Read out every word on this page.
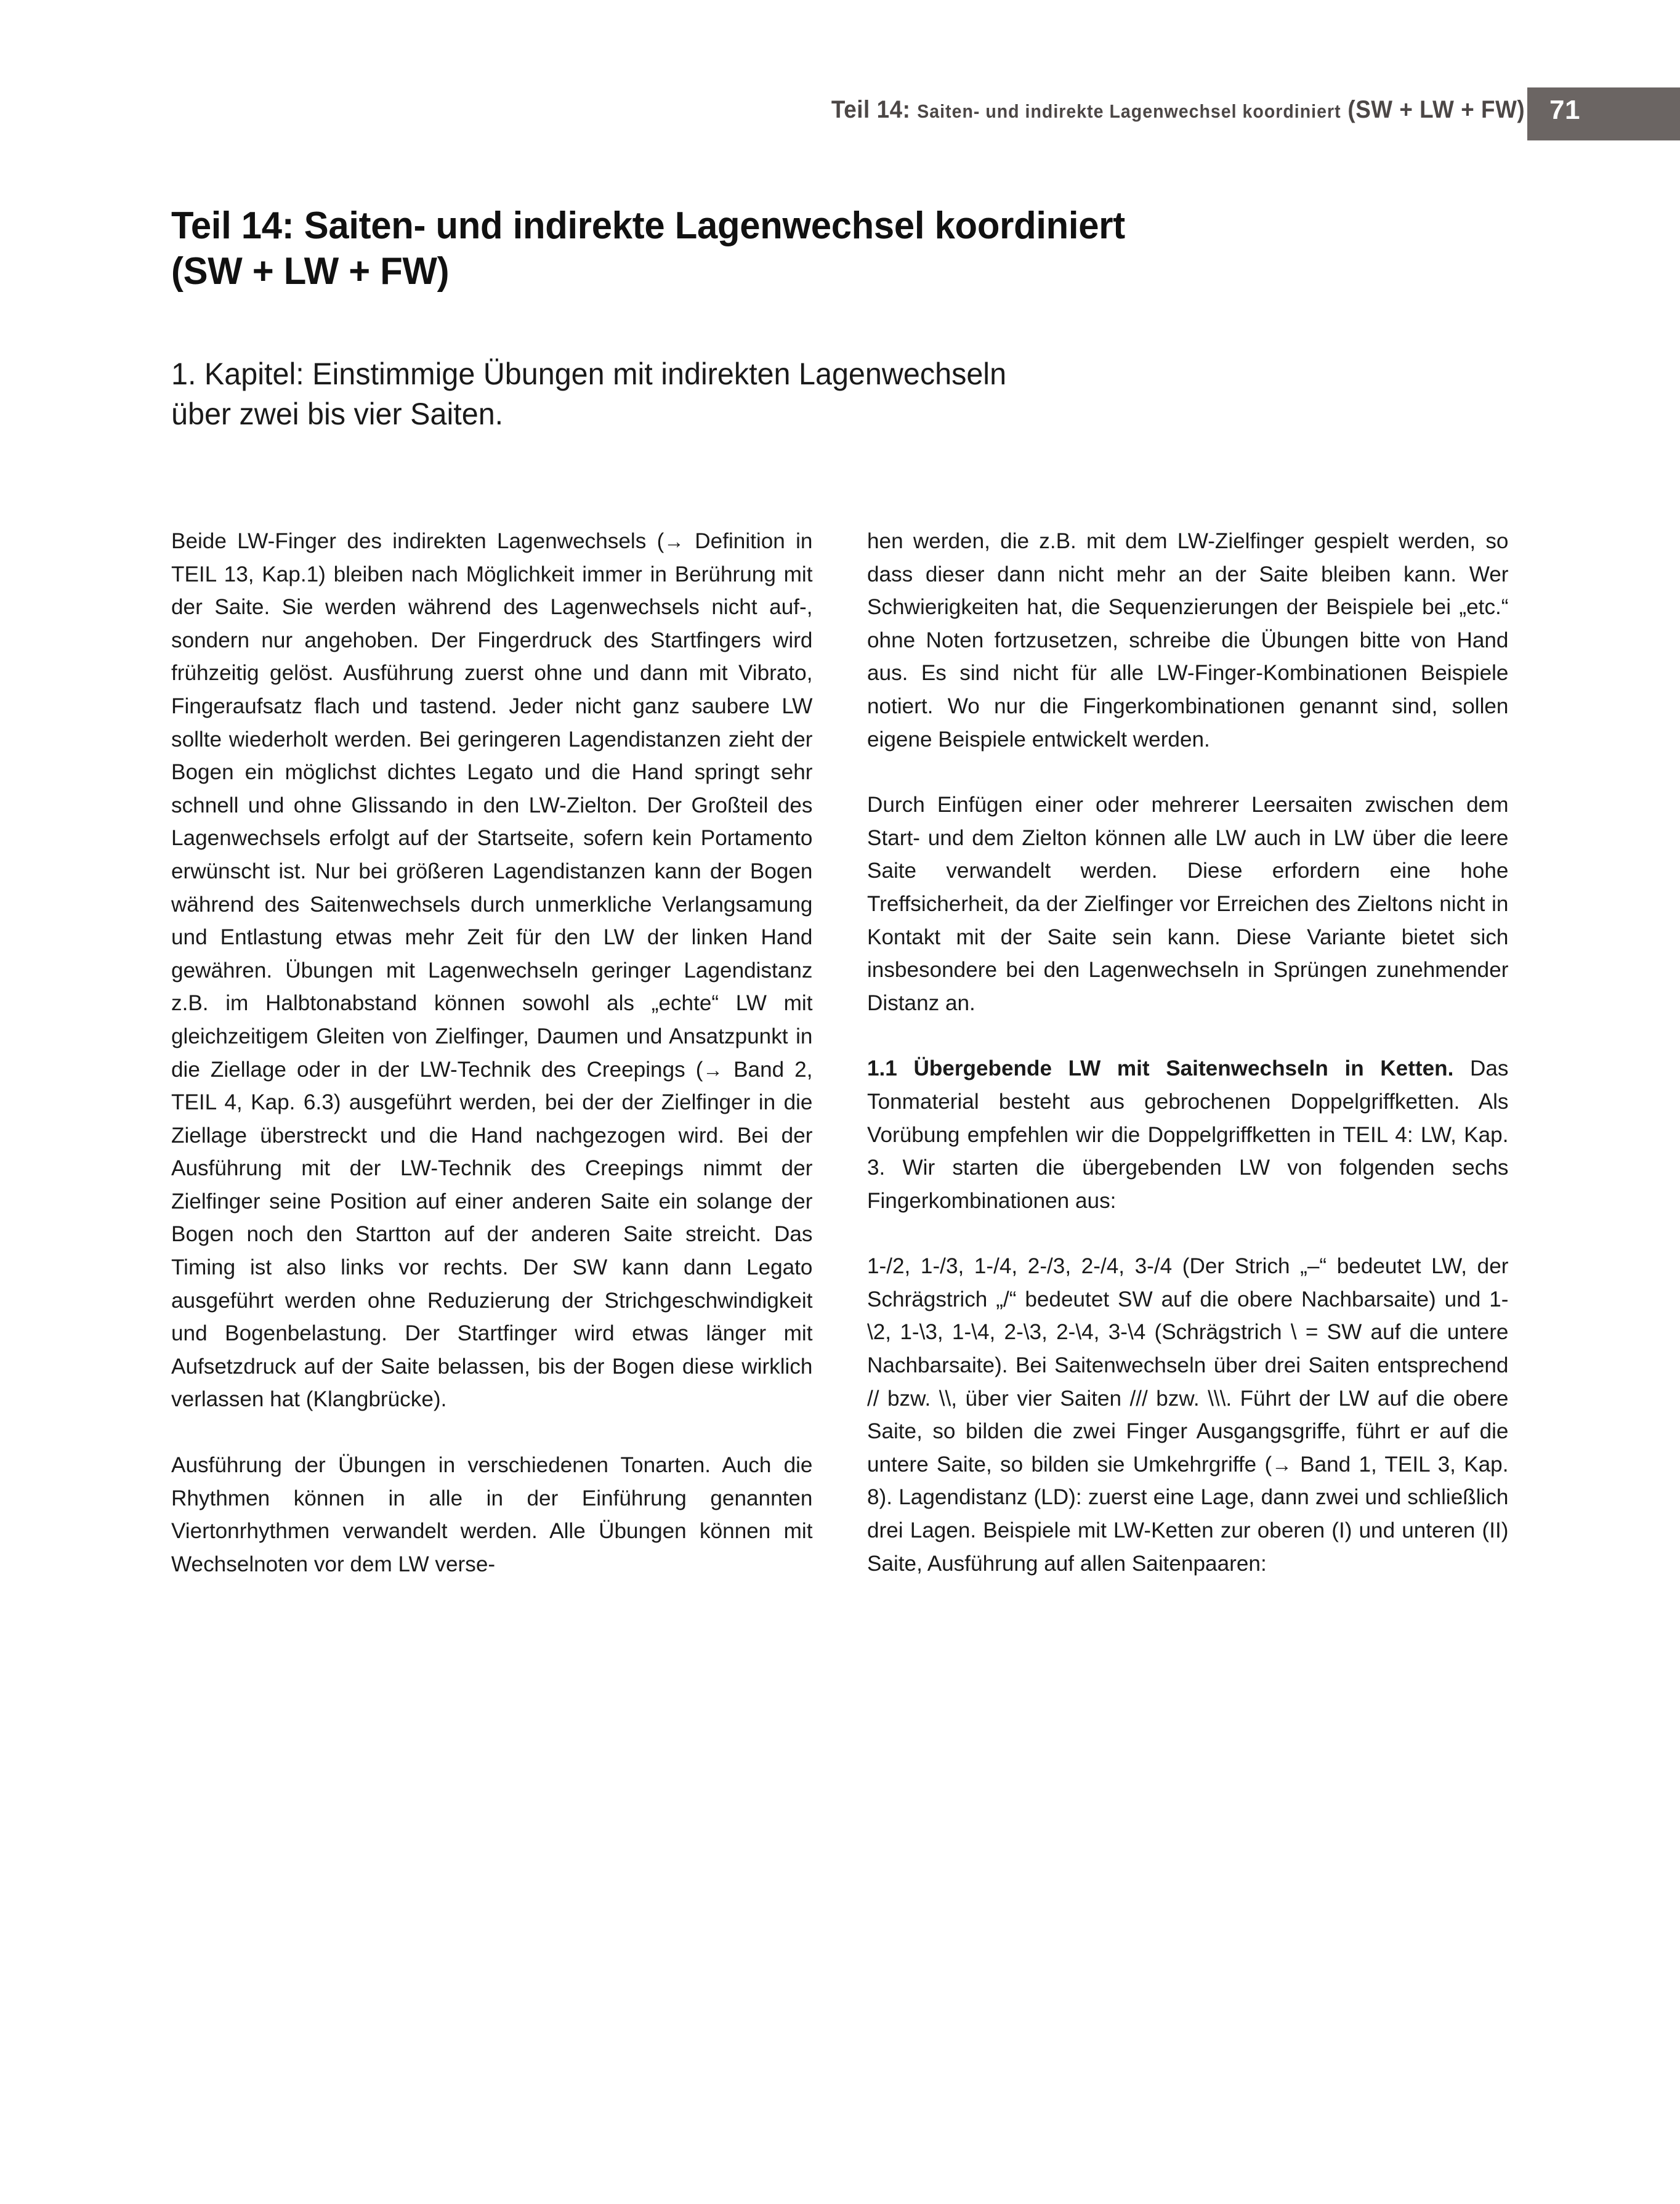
Teil 14: Saiten- und indirekte Lagenwechsel koordiniert (SW + LW + FW) 71
Teil 14: Saiten- und indirekte Lagenwechsel koordiniert
(SW + LW + FW)

1. Kapitel: Einstimmige Übungen mit indirekten Lagenwechseln

über zwei bis vier Saiten.

Beide LW-Finger des indirekten Lagenwechsels (→ Definition in TEIL 13, Kap.1) bleiben nach Möglichkeit immer in Berührung mit der Saite. Sie werden während des Lagenwechsels nicht auf-, sondern nur angehoben. Der Fingerdruck des Startfingers wird frühzeitig gelöst. Ausführung zuerst ohne und dann mit Vibrato, Fingeraufsatz flach und tastend. Jeder nicht ganz saubere LW sollte wiederholt werden. Bei geringeren Lagendistanzen zieht der Bogen ein möglichst dichtes Legato und die Hand springt sehr schnell und ohne Glissando in den LW-Zielton. Der Großteil des Lagenwechsels erfolgt auf der Startseite, sofern kein Portamento erwünscht ist. Nur bei größeren Lagendistanzen kann der Bogen während des Saitenwechsels durch unmerkliche Verlangsamung und Entlastung etwas mehr Zeit für den LW der linken Hand gewähren. Übungen mit Lagenwechseln geringer Lagendistanz z.B. im Halbtonabstand können sowohl als „echte“ LW mit gleichzeitigem Gleiten von Zielfinger, Daumen und Ansatzpunkt in die Ziellage oder in der LW-Technik des Creepings (→ Band 2, TEIL 4, Kap. 6.3) ausgeführt werden, bei der der Zielfinger in die Ziellage überstreckt und die Hand nachgezogen wird. Bei der Ausführung mit der LW-Technik des Creepings nimmt der Zielfinger seine Position auf einer anderen Saite ein solange der Bogen noch den Startton auf der anderen Saite streicht. Das Timing ist also links vor rechts. Der SW kann dann Legato ausgeführt werden ohne Reduzierung der Strichgeschwindigkeit und Bogenbelastung. Der Startfinger wird etwas länger mit Aufsetzdruck auf der Saite belassen, bis der Bogen diese wirklich verlassen hat (Klangbrücke).

Ausführung der Übungen in verschiedenen Tonarten. Auch die Rhythmen können in alle in der Einführung genannten Viertonrhythmen verwandelt werden. Alle Übungen können mit Wechselnoten vor dem LW verse-

hen werden, die z.B. mit dem LW-Zielfinger gespielt werden, so dass dieser dann nicht mehr an der Saite bleiben kann. Wer Schwierigkeiten hat, die Sequenzierungen der Beispiele bei „etc.“ ohne Noten fortzusetzen, schreibe die Übungen bitte von Hand aus. Es sind nicht für alle LW-Finger-Kombinationen Beispiele notiert. Wo nur die Fingerkombinationen genannt sind, sollen eigene Beispiele entwickelt werden.

Durch Einfügen einer oder mehrerer Leersaiten zwischen dem Start- und dem Zielton können alle LW auch in LW über die leere Saite verwandelt werden. Diese erfordern eine hohe Treffsicherheit, da der Zielfinger vor Erreichen des Zieltons nicht in Kontakt mit der Saite sein kann. Diese Variante bietet sich insbesondere bei den Lagenwechseln in Sprüngen zunehmender Distanz an.

1.1 Übergebende LW mit Saitenwechseln in Ketten. Das Tonmaterial besteht aus gebrochenen Doppelgriffketten. Als Vorübung empfehlen wir die Doppelgriffketten in TEIL 4: LW, Kap. 3. Wir starten die übergebenden LW von folgenden sechs Fingerkombinationen aus:

1-/2, 1-/3, 1-/4, 2-/3, 2-/4, 3-/4 (Der Strich „–“ bedeutet LW, der Schrägstrich „/“ bedeutet SW auf die obere Nachbarsaite) und 1-\2, 1-\3, 1-\4, 2-\3, 2-\4, 3-\4 (Schrägstrich \ = SW auf die untere Nachbarsaite). Bei Saitenwechseln über drei Saiten entsprechend // bzw. \\, über vier Saiten /// bzw. \\\. Führt der LW auf die obere Saite, so bilden die zwei Finger Ausgangsgriffe, führt er auf die untere Saite, so bilden sie Umkehrgriffe (→ Band 1, TEIL 3, Kap. 8). Lagendistanz (LD): zuerst eine Lage, dann zwei und schließlich drei Lagen. Beispiele mit LW-Ketten zur oberen (I) und unteren (II) Saite, Ausführung auf allen Saitenpaaren:
